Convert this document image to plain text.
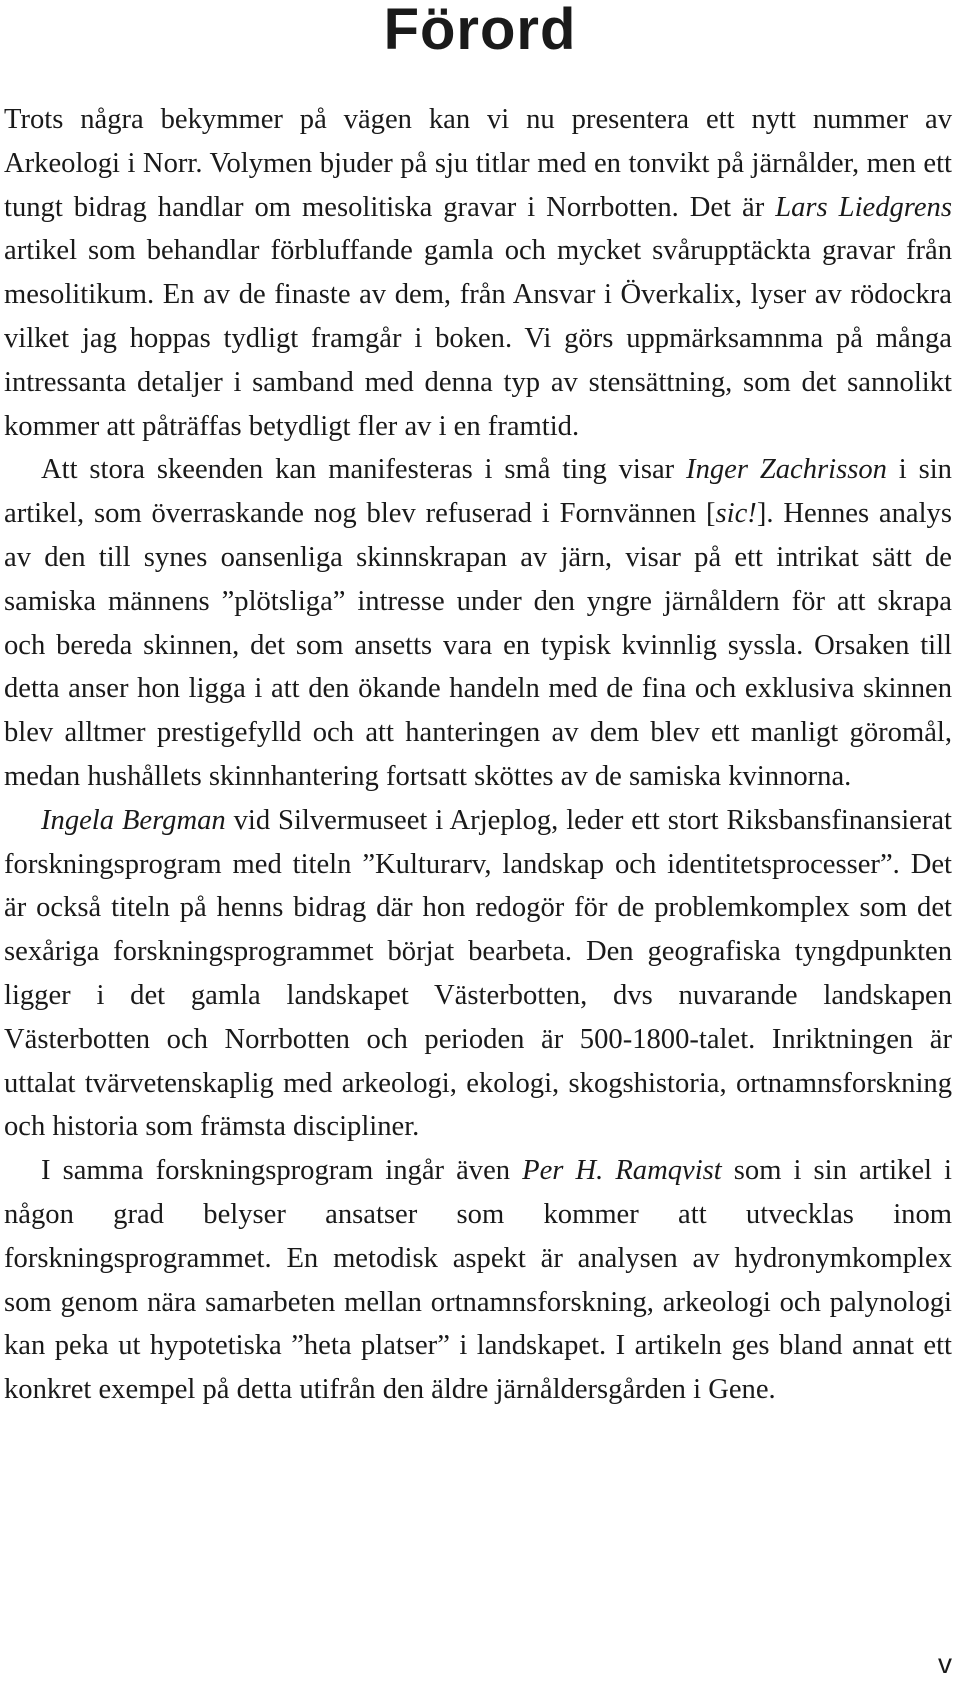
Förord

Trots några bekymmer på vägen kan vi nu presentera ett nytt nummer av Arkeologi i Norr. Volymen bjuder på sju titlar med en tonvikt på järnålder, men ett tungt bidrag handlar om mesolitiska gravar i Norrbotten. Det är Lars Liedgrens artikel som behandlar förbluffande gamla och mycket svårupptäckta gravar från mesolitikum. En av de finaste av dem, från Ansvar i Överkalix, lyser av rödockra vilket jag hoppas tydligt framgår i boken. Vi görs uppmärksamnma på många intressanta detaljer i samband med denna typ av stensättning, som det sannolikt kommer att påträffas betydligt fler av i en framtid.

Att stora skeenden kan manifesteras i små ting visar Inger Zachrisson i sin artikel, som överraskande nog blev refuserad i Fornvännen [sic!]. Hennes analys av den till synes oansenliga skinnskrapan av järn, visar på ett intrikat sätt de samiska männens ”plötsliga” intresse under den yngre järnåldern för att skrapa och bereda skinnen, det som ansetts vara en typisk kvinnlig syssla. Orsaken till detta anser hon ligga i att den ökande handeln med de fina och exklusiva skinnen blev alltmer prestigefylld och att hanteringen av dem blev ett manligt göromål, medan hushållets skinnhantering fortsatt sköttes av de samiska kvinnorna.

Ingela Bergman vid Silvermuseet i Arjeplog, leder ett stort Riksbansfinansierat forskningsprogram med titeln ”Kulturarv, landskap och identitetsprocesser”. Det är också titeln på henns bidrag där hon redogör för de problemkomplex som det sexåriga forskningsprogrammet börjat bearbeta. Den geografiska tyngdpunkten ligger i det gamla landskapet Västerbotten, dvs nuvarande landskapen Västerbotten och Norrbotten och perioden är 500-1800-talet. Inriktningen är uttalat tvärvetenskaplig med arkeologi, ekologi, skogshistoria, ortnamnsforskning och historia som främsta discipliner.

I samma forskningsprogram ingår även Per H. Ramqvist som i sin artikel i någon grad belyser ansatser som kommer att utvecklas inom forskningsprogrammet. En metodisk aspekt är analysen av hydronymkomplex som genom nära samarbeten mellan ortnamnsforskning, arkeologi och palynologi kan peka ut hypotetiska ”heta platser” i landskapet. I artikeln ges bland annat ett konkret exempel på detta utifrån den äldre järnåldersgården i Gene.

v
